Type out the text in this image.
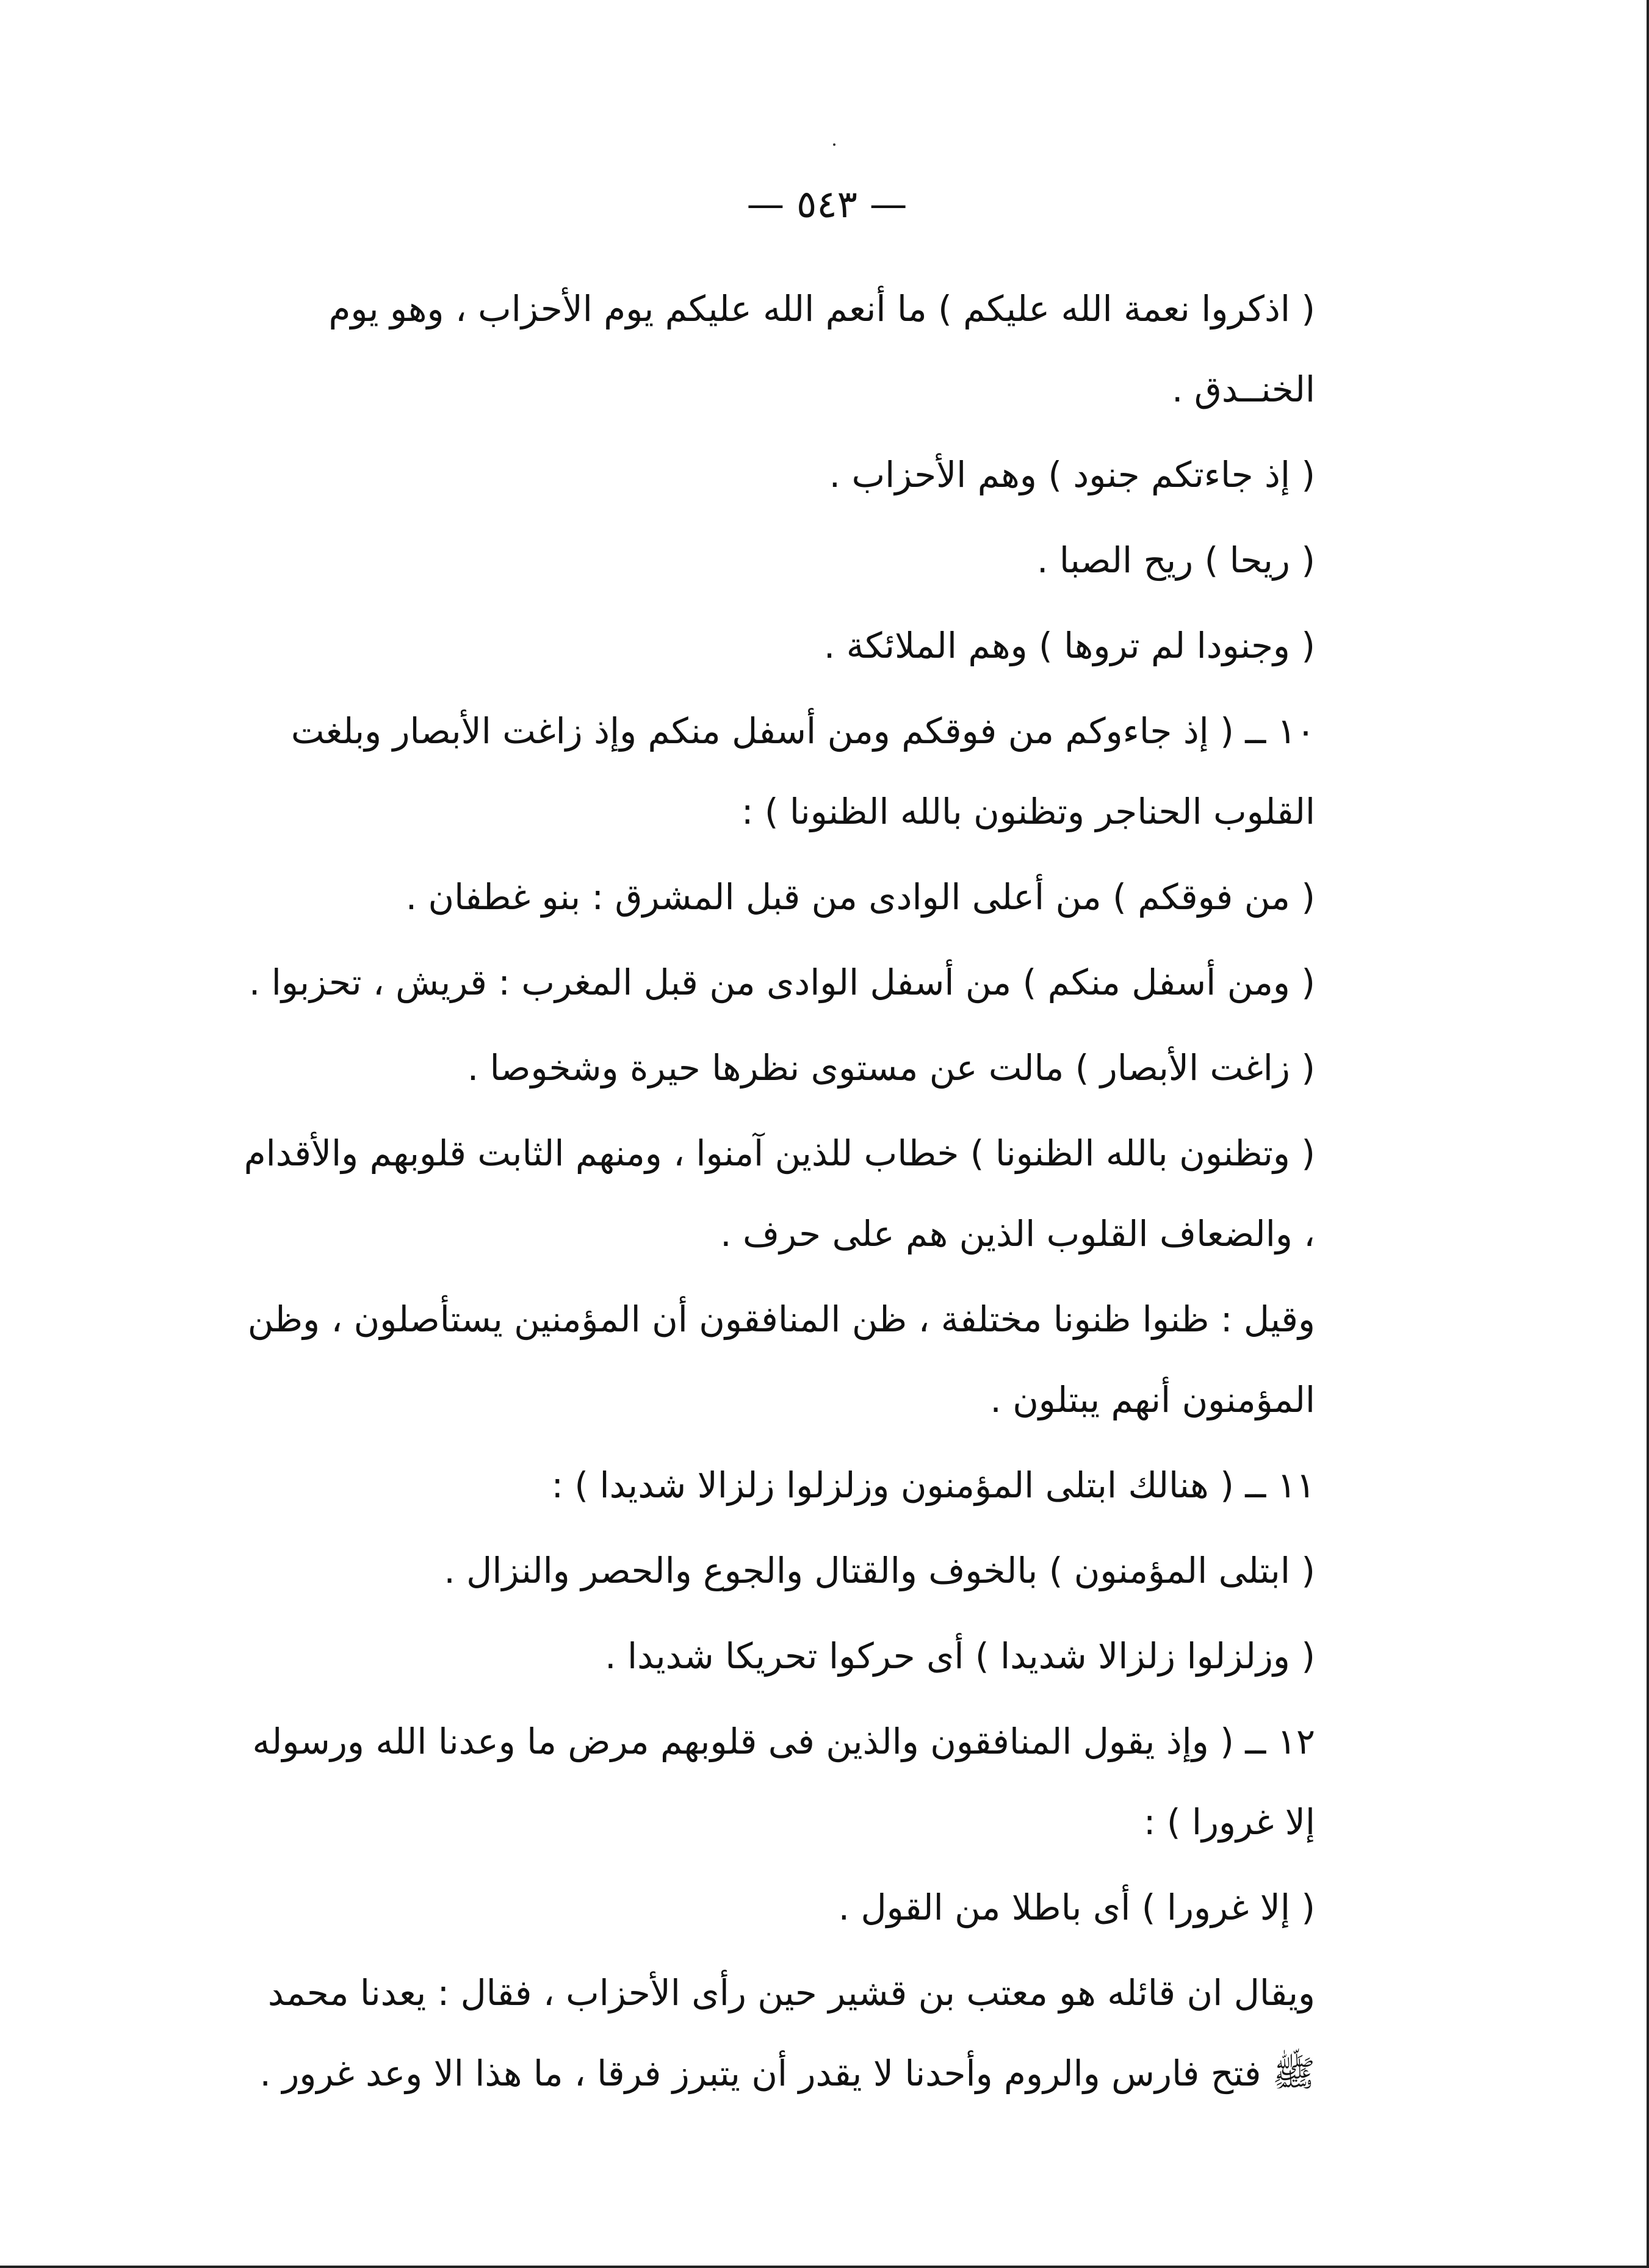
— ٥٤٣ —

( اذكروا نعمة الله عليكم ) ما أنعم الله عليكم يوم الأحزاب ، وهو يوم الخنــدق .

( إذ جاءتكم جنود ) وهم الأحزاب .

( ريحا ) ريح الصبا .

( وجنودا لم تروها ) وهم الملائكة .

١٠ ــ ( إذ جاءوكم من فوقكم ومن أسفل منكم وإذ زاغت الأبصار وبلغت القلوب الحناجر وتظنون بالله الظنونا ) :

( من فوقكم ) من أعلى الوادى من قبل المشرق : بنو غطفان .

( ومن أسفل منكم ) من أسفل الوادى من قبل المغرب : قريش ، تحزبوا .

( زاغت الأبصار ) مالت عن مستوى نظرها حيرة وشخوصا .

( وتظنون بالله الظنونا ) خطاب للذين آمنوا ، ومنهم الثابت قلوبهم والأقدام ، والضعاف القلوب الذين هم على حرف .

وقيل : ظنوا ظنونا مختلفة ، ظن المنافقون أن المؤمنين يستأصلون ، وظن المؤمنون أنهم يبتلون .

١١ ــ ( هنالك ابتلى المؤمنون وزلزلوا زلزالا شديدا ) :

( ابتلى المؤمنون ) بالخوف والقتال والجوع والحصر والنزال .

( وزلزلوا زلزالا شديدا ) أى حركوا تحريكا شديدا .

١٢ ــ ( وإذ يقول المنافقون والذين فى قلوبهم مرض ما وعدنا الله ورسوله إلا غرورا ) :

( إلا غرورا ) أى باطلا من القول .

ويقال ان قائله هو معتب بن قشير حين رأى الأحزاب ، فقال : يعدنا محمد ﷺ فتح فارس والروم وأحدنا لا يقدر أن يتبرز فرقا ، ما هذا الا وعد غرور .
